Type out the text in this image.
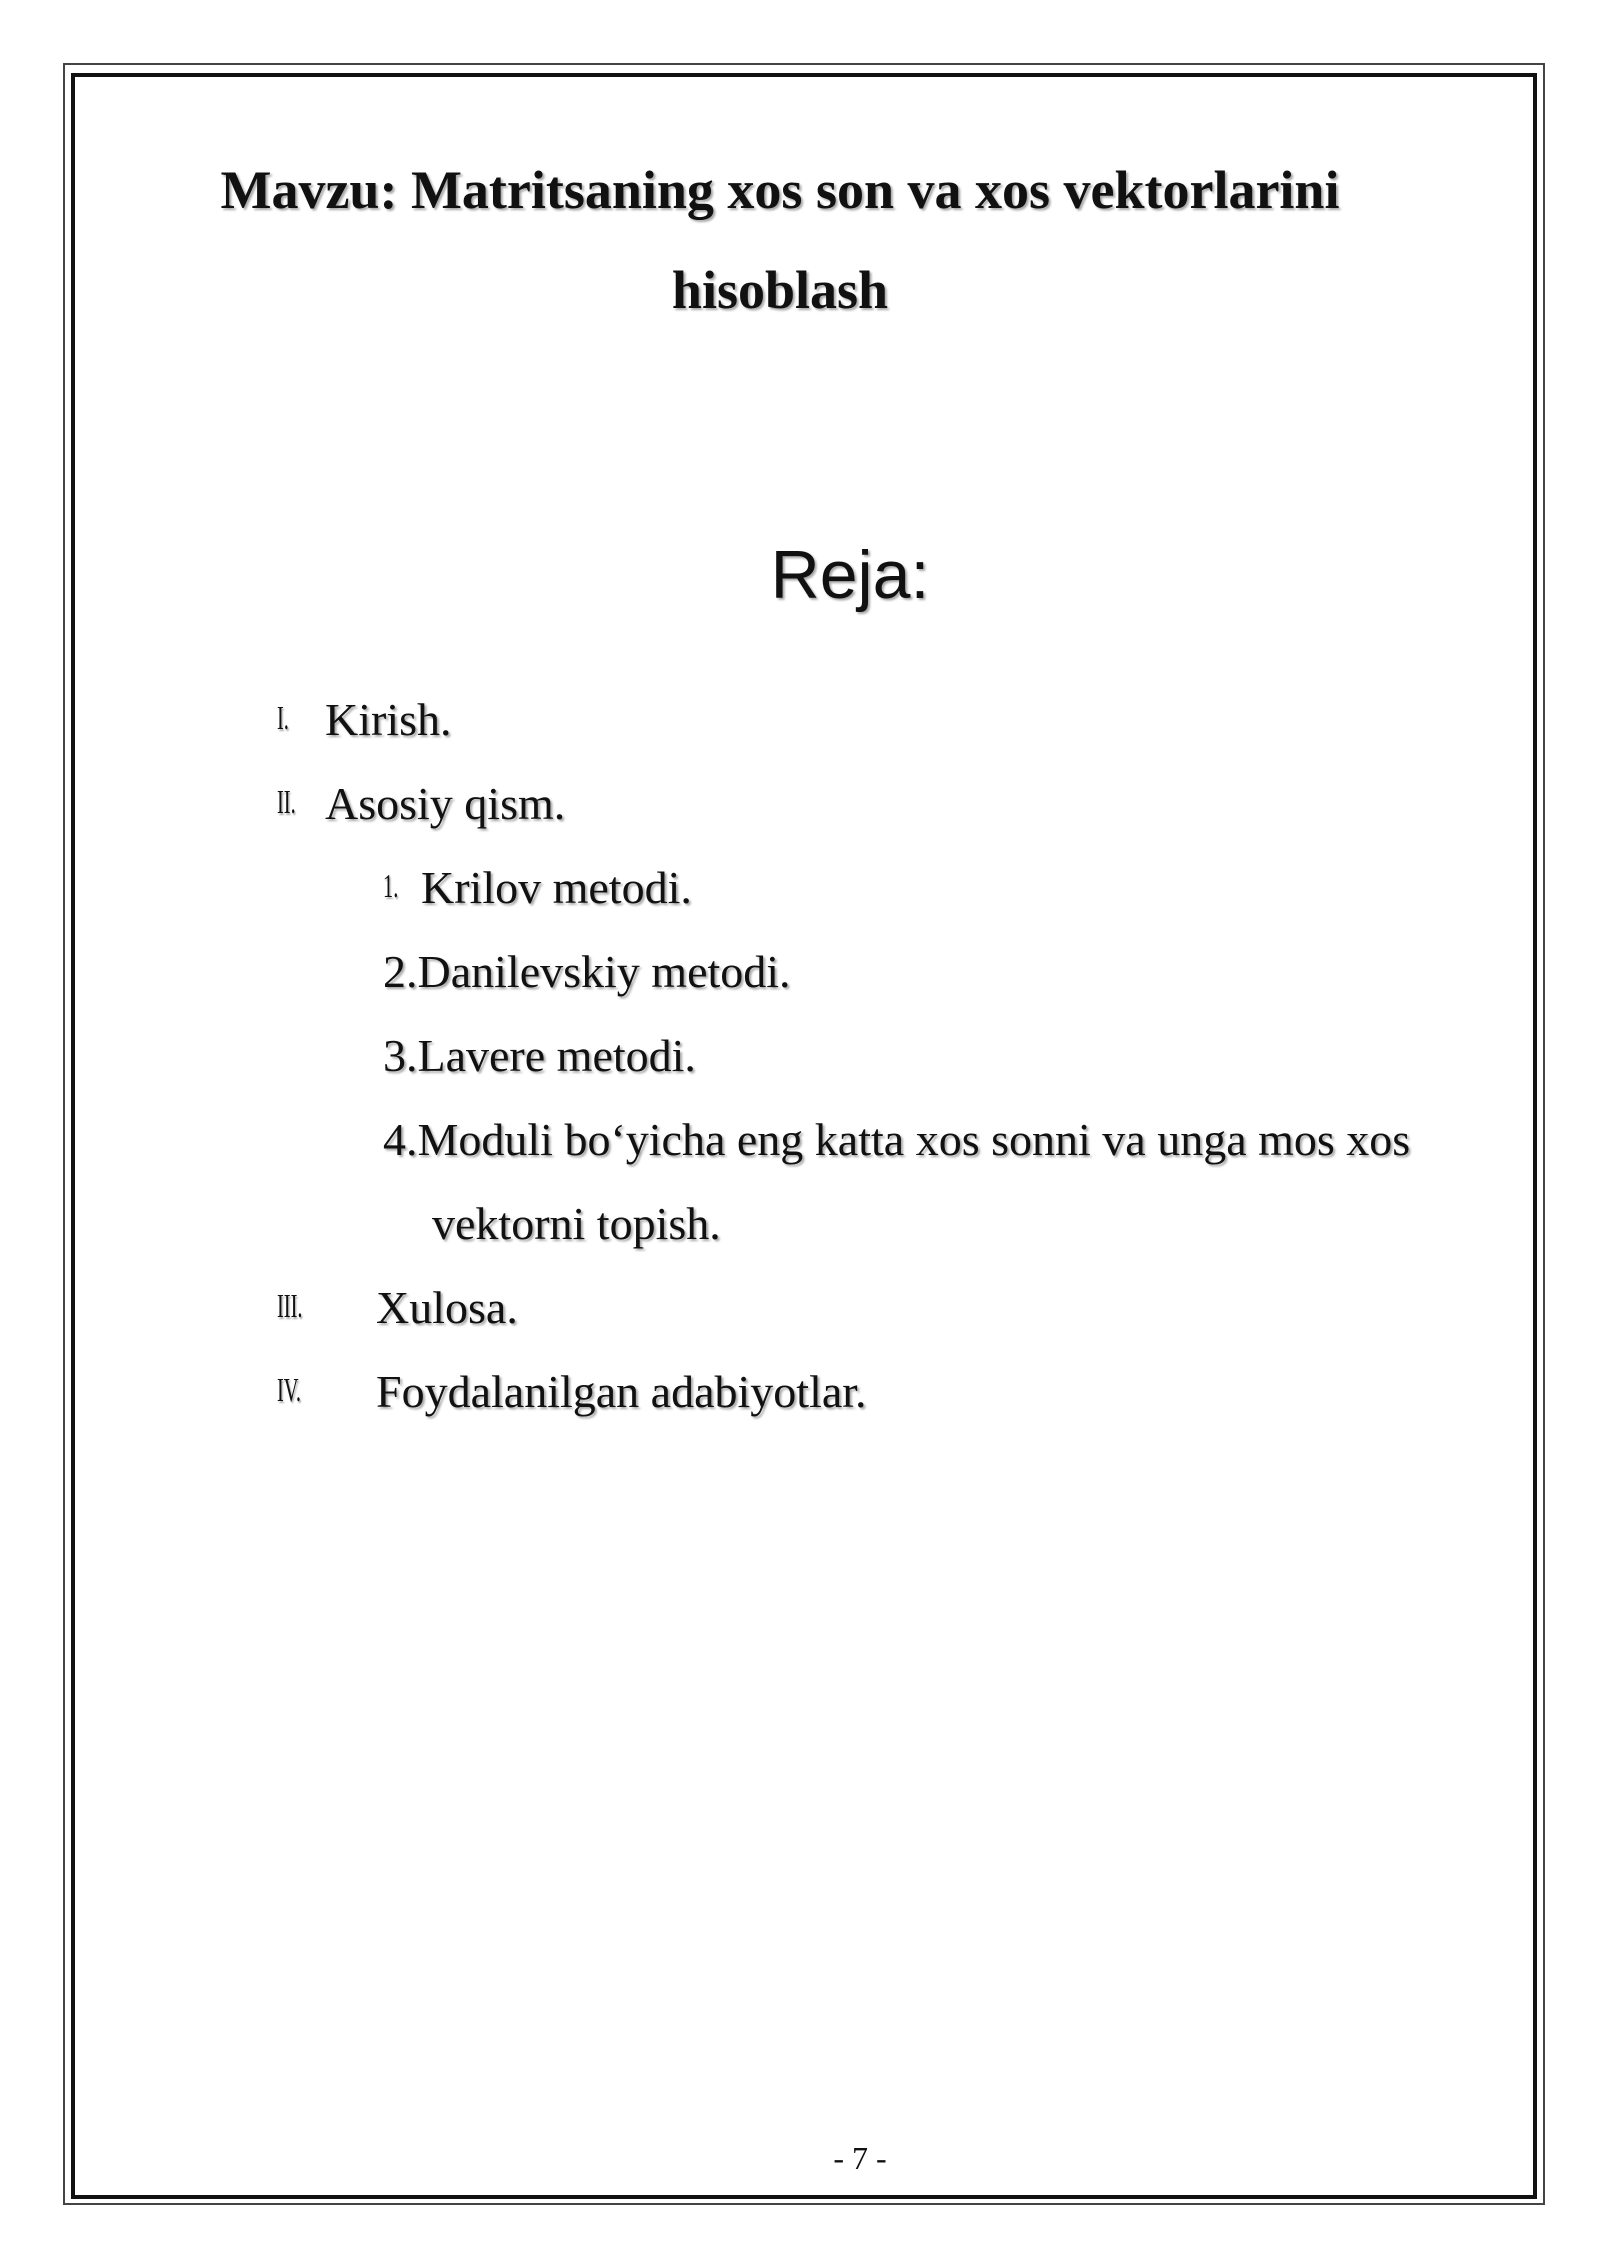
Mavzu: Matritsaning xos son va xos vektorlarini
hisoblash
Reja:
I. Kirish.
II. Asosiy qism.
1. Krilov metodi.
2.Danilevskiy metodi.
3.Lavere metodi.
4.Moduli bo‘yicha eng katta xos sonni va unga mos xos
vektorni topish.
III. Xulosa.
IV. Foydalanilgan adabiyotlar.
- 7 -
